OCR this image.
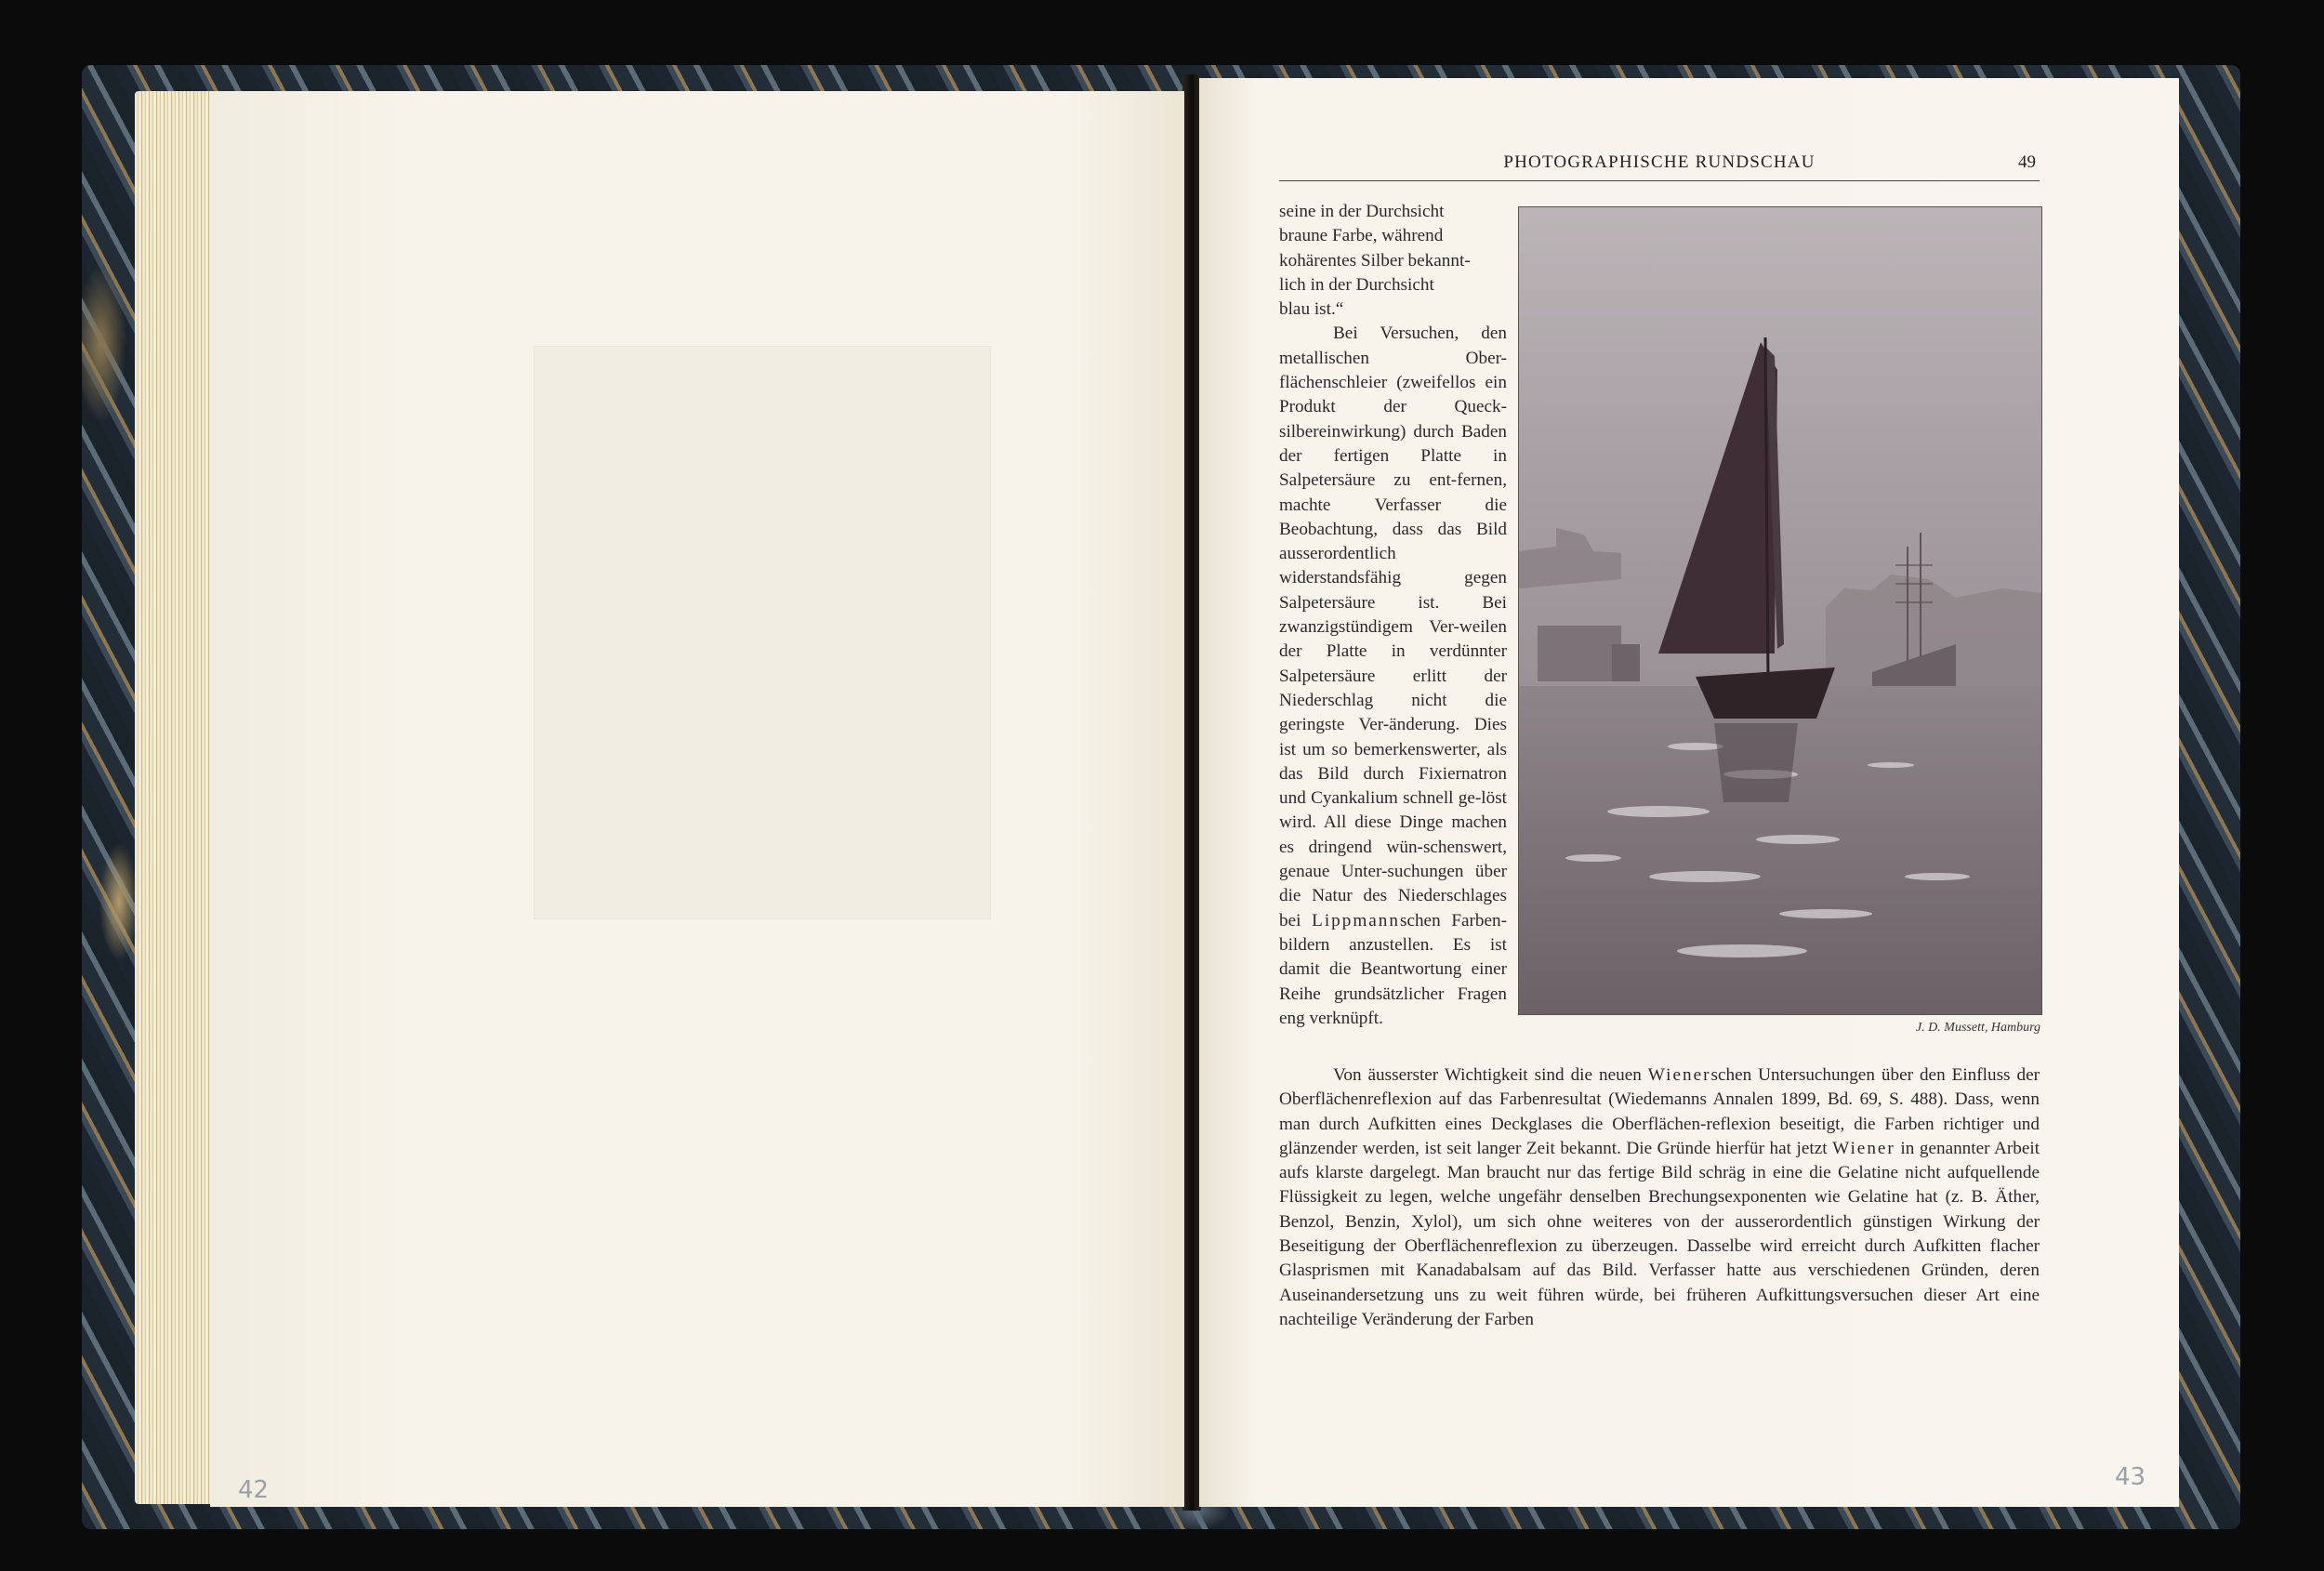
42
PHOTOGRAPHISCHE RUNDSCHAU	49

seine in der Durchsicht

braune Farbe, während

kohärentes Silber bekannt-

lich in der Durchsicht

blau ist.“

Bei Versuchen, den metallischen Ober-flächenschleier (zweifellos ein Produkt der Queck-silbereinwirkung) durch Baden der fertigen Platte in Salpetersäure zu ent-fernen, machte Verfasser die Beobachtung, dass das Bild ausserordentlich widerstandsfähig gegen Salpetersäure ist. Bei zwanzigstündigem Ver-weilen der Platte in verdünnter Salpetersäure erlitt der Niederschlag nicht die geringste Ver-änderung. Dies ist um so bemerkenswerter, als das Bild durch Fixiernatron und Cyankalium schnell ge-löst wird. All diese Dinge machen es dringend wün-schenswert, genaue Unter-suchungen über die Natur des Niederschlages bei Lippmannschen Farben-bildern anzustellen. Es ist damit die Beantwortung einer Reihe grundsätzlicher Fragen eng verknüpft.	J. D. Mussett, Hamburg

Von äusserster Wichtigkeit sind die neuen Wienerschen Untersuchungen über den Einfluss der Oberflächenreflexion auf das Farbenresultat (Wiedemanns Annalen 1899, Bd. 69, S. 488). Dass, wenn man durch Aufkitten eines Deckglases die Oberflächen-reflexion beseitigt, die Farben richtiger und glänzender werden, ist seit langer Zeit bekannt. Die Gründe hierfür hat jetzt Wiener in genannter Arbeit aufs klarste dargelegt. Man braucht nur das fertige Bild schräg in eine die Gelatine nicht aufquellende Flüssigkeit zu legen, welche ungefähr denselben Brechungsexponenten wie Gelatine hat (z. B. Äther, Benzol, Benzin, Xylol), um sich ohne weiteres von der ausserordentlich günstigen Wirkung der Beseitigung der Oberflächenreflexion zu überzeugen. Dasselbe wird erreicht durch Aufkitten flacher Glasprismen mit Kanadabalsam auf das Bild. Verfasser hatte aus verschiedenen Gründen, deren Auseinandersetzung uns zu weit führen würde, bei früheren Aufkittungsversuchen dieser Art eine nachteilige Veränderung der Farben

43
